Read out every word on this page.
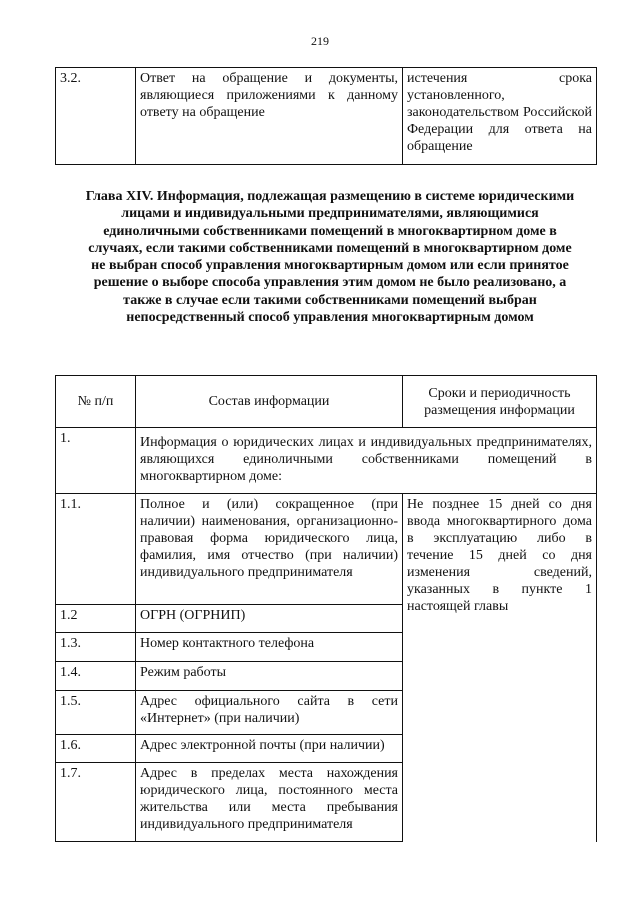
219
3.2.	Ответ на обращение и документы, являющиеся приложениями к данному ответу на обращение	истечения срока установленного, законодательством Российской Федерации для ответа на обращение
Глава XIV. Информация, подлежащая размещению в системе юридическими лицами и индивидуальными предпринимателями, являющимися единоличными собственниками помещений в многоквартирном доме в случаях, если такими собственниками помещений в многоквартирном доме не выбран способ управления многоквартирным домом или если принятое решение о выборе способа управления этим домом не было реализовано, а также в случае если такими собственниками помещений выбран непосредственный способ управления многоквартирным домом
№ п/п	Состав информации	Сроки и периодичность размещения информации
1.	Информация о юридических лицах и индивидуальных предпринимателях, являющихся единоличными собственниками помещений в многоквартирном доме:	
1.1.	Полное и (или) сокращенное (при наличии) наименования, организационно-правовая форма юридического лица, фамилия, имя отчество (при наличии) индивидуального предпринимателя	Не позднее 15 дней со дня ввода многоквартирного дома в эксплуатацию либо в течение 15 дней со дня изменения сведений, указанных в пункте 1 настоящей главы
1.2	ОГРН (ОГРНИП)	
1.3.	Номер контактного телефона	
1.4.	Режим работы	
1.5.	Адрес официального сайта в сети «Интернет» (при наличии)	
1.6.	Адрес электронной почты (при наличии)	
1.7.	Адрес в пределах места нахождения юридического лица, постоянного места жительства или места пребывания индивидуального предпринимателя	
